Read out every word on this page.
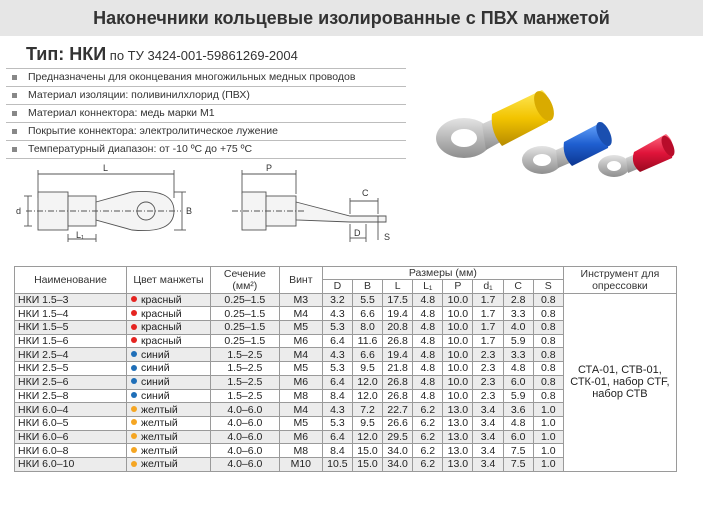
Наконечники кольцевые изолированные с ПВХ манжетой
Тип: НКИ по ТУ 3424-001-59861269-2004
Предназначены для оконцевания многожильных медных проводов
Материал изоляции: поливинилхлорид (ПВХ)
Материал коннектора: медь марки М1
Покрытие коннектора: электролитическое лужение
Температурный диапазон: от -10 ºС до +75 ºС
L
B
d
L₁
P
C
D	S
Наименование	Цвет манжеты	Сечение (мм²)	Винт	Размеры (мм)								Инструмент для опрессовки
				D	B	L	L₁	P	d₁	C	S	
НКИ 1.5–3	красный	0.25–1.5	М3	3.2	5.5	17.5	4.8	10.0	1.7	2.8	0.8	СТА-01, СТВ-01, СТК-01, набор СТF, набор СТВ
НКИ 1.5–4	красный	0.25–1.5	М4	4.3	6.6	19.4	4.8	10.0	1.7	3.3	0.8	
НКИ 1.5–5	красный	0.25–1.5	М5	5.3	8.0	20.8	4.8	10.0	1.7	4.0	0.8	
НКИ 1.5–6	красный	0.25–1.5	М6	6.4	11.6	26.8	4.8	10.0	1.7	5.9	0.8	
НКИ 2.5–4	синий	1.5–2.5	М4	4.3	6.6	19.4	4.8	10.0	2.3	3.3	0.8	
НКИ 2.5–5	синий	1.5–2.5	М5	5.3	9.5	21.8	4.8	10.0	2.3	4.8	0.8	
НКИ 2.5–6	синий	1.5–2.5	М6	6.4	12.0	26.8	4.8	10.0	2.3	6.0	0.8	
НКИ 2.5–8	синий	1.5–2.5	М8	8.4	12.0	26.8	4.8	10.0	2.3	5.9	0.8	
НКИ 6.0–4	желтый	4.0–6.0	М4	4.3	7.2	22.7	6.2	13.0	3.4	3.6	1.0	
НКИ 6.0–5	желтый	4.0–6.0	М5	5.3	9.5	26.6	6.2	13.0	3.4	4.8	1.0	
НКИ 6.0–6	желтый	4.0–6.0	М6	6.4	12.0	29.5	6.2	13.0	3.4	6.0	1.0	
НКИ 6.0–8	желтый	4.0–6.0	М8	8.4	15.0	34.0	6.2	13.0	3.4	7.5	1.0	
НКИ 6.0–10	желтый	4.0–6.0	М10	10.5	15.0	34.0	6.2	13.0	3.4	7.5	1.0	
